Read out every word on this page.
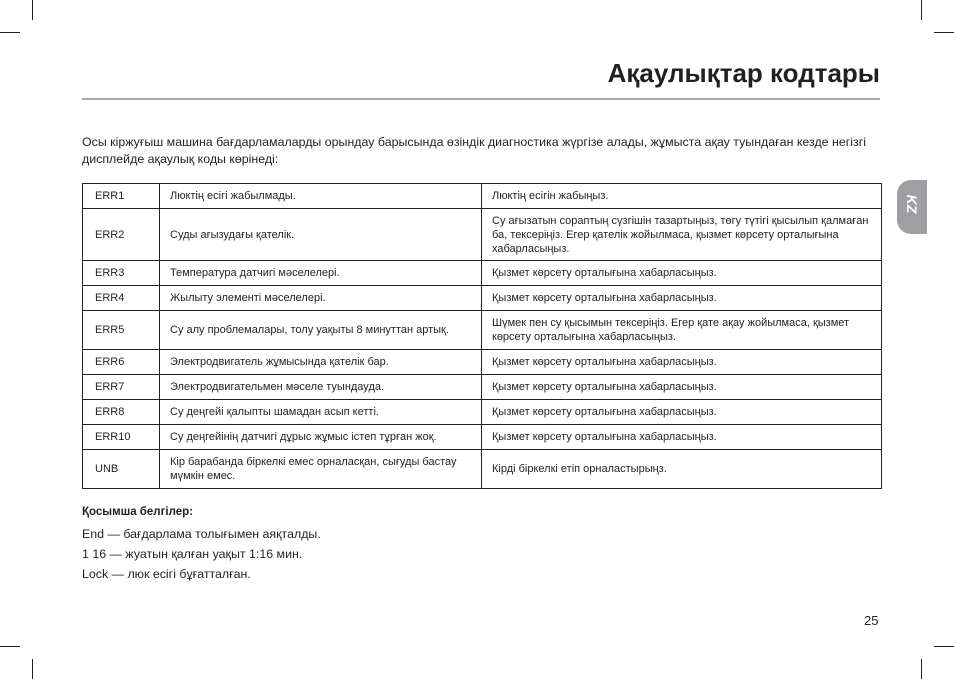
Ақаулықтар кодтары
KZ
Осы кіржуғыш машина бағдарламаларды орындау барысында өзіндік диагностика жүргізе алады, жұмыста ақау туындаған кезде негізгі дисплейде ақаулық коды көрінеді:
ERR1	Люктің есігі жабылмады.	Люктің есігін жабыңыз.
ERR2	Суды ағызудағы қателік.	Су ағызатын сораптың сүзгішін тазартыңыз, төгу түтігі қысылып қалмаған ба, тексеріңіз. Егер қателік жойылмаса, қызмет көрсету орталығына хабарласыңыз.
ERR3	Температура датчигі мәселелері.	Қызмет көрсету орталығына хабарласыңыз.
ERR4	Жылыту элементі мәселелері.	Қызмет көрсету орталығына хабарласыңыз.
ERR5	Су алу проблемалары, толу уақыты 8 минуттан артық.	Шүмек пен су қысымын тексеріңіз. Егер қате ақау жойылмаса, қызмет көрсету орталығына хабарласыңыз.
ERR6	Электродвигатель жұмысында қателік бар.	Қызмет көрсету орталығына хабарласыңыз.
ERR7	Электродвигательмен мәселе туындауда.	Қызмет көрсету орталығына хабарласыңыз.
ERR8	Су деңгейі қалыпты шамадан асып кетті.	Қызмет көрсету орталығына хабарласыңыз.
ERR10	Су деңгейінің датчигі дұрыс жұмыс істеп тұрған жоқ.	Қызмет көрсету орталығына хабарласыңыз.
UNB	Кір барабанда біркелкі емес орналасқан, сығуды бастау мүмкін емес.	Кірді біркелкі етіп орналастырыңз.
Қосымша белгілер:
End — бағдарлама толығымен аяқталды.
1 16 — жуатын қалған уақыт 1:16 мин.
Lock — люк есігі бұғатталған.
25
